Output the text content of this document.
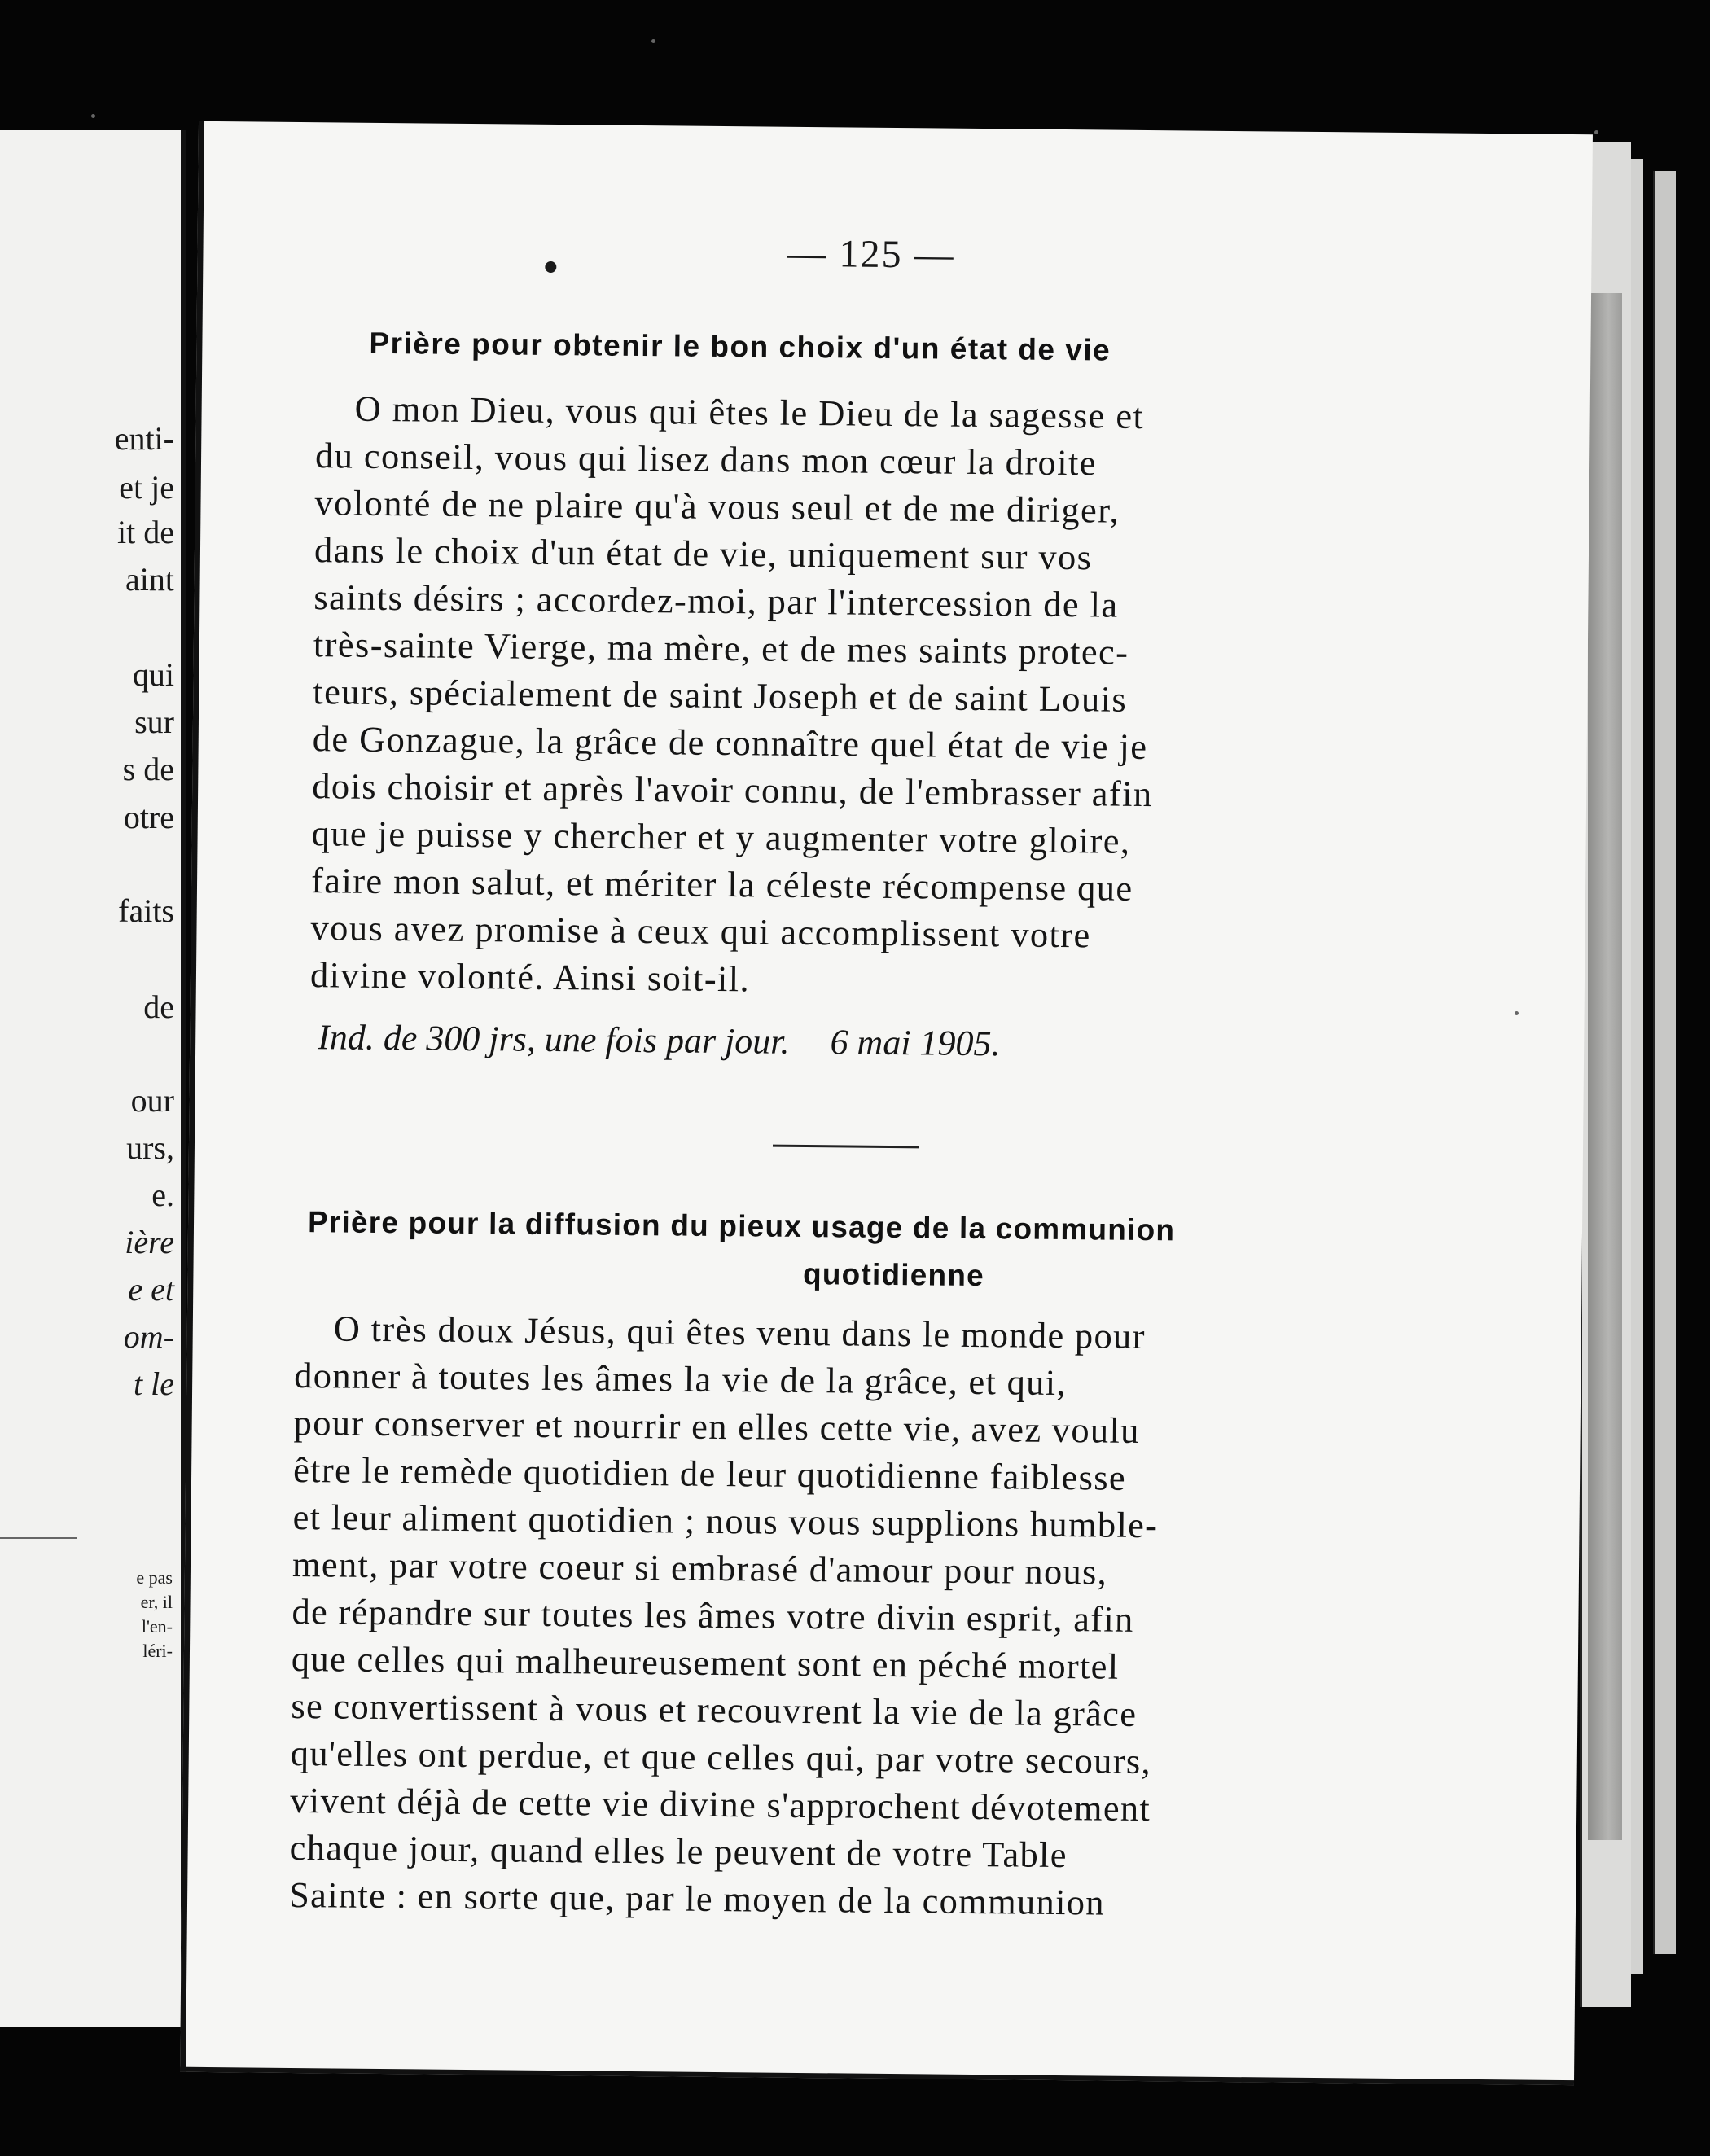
enti-
et je
it de
aint
qui
sur
s de
otre
faits
de
our
urs,
e.
ière
e et
om-
t le
e pas
er, il
l'en-
léri-
— 125 —
Prière pour obtenir le bon choix d'un état de vie
O mon Dieu, vous qui êtes le Dieu de la sagesse et
du conseil, vous qui lisez dans mon cœur la droite
volonté de ne plaire qu'à vous seul et de me diriger,
dans le choix d'un état de vie, uniquement sur vos
saints désirs ; accordez-moi, par l'intercession de la
très-sainte Vierge, ma mère, et de mes saints protec-
teurs, spécialement de saint Joseph et de saint Louis
de Gonzague, la grâce de connaître quel état de vie je
dois choisir et après l'avoir connu, de l'embrasser afin
que je puisse y chercher et y augmenter votre gloire,
faire mon salut, et mériter la céleste récompense que
vous avez promise à ceux qui accomplissent votre
divine volonté. Ainsi soit-il.
Ind. de 300 jrs, une fois par jour. 6 mai 1905.
Prière pour la diffusion du pieux usage de la communion
quotidienne
O très doux Jésus, qui êtes venu dans le monde pour
donner à toutes les âmes la vie de la grâce, et qui,
pour conserver et nourrir en elles cette vie, avez voulu
être le remède quotidien de leur quotidienne faiblesse
et leur aliment quotidien ; nous vous supplions humble-
ment, par votre coeur si embrasé d'amour pour nous,
de répandre sur toutes les âmes votre divin esprit, afin
que celles qui malheureusement sont en péché mortel
se convertissent à vous et recouvrent la vie de la grâce
qu'elles ont perdue, et que celles qui, par votre secours,
vivent déjà de cette vie divine s'approchent dévotement
chaque jour, quand elles le peuvent de votre Table
Sainte : en sorte que, par le moyen de la communion
